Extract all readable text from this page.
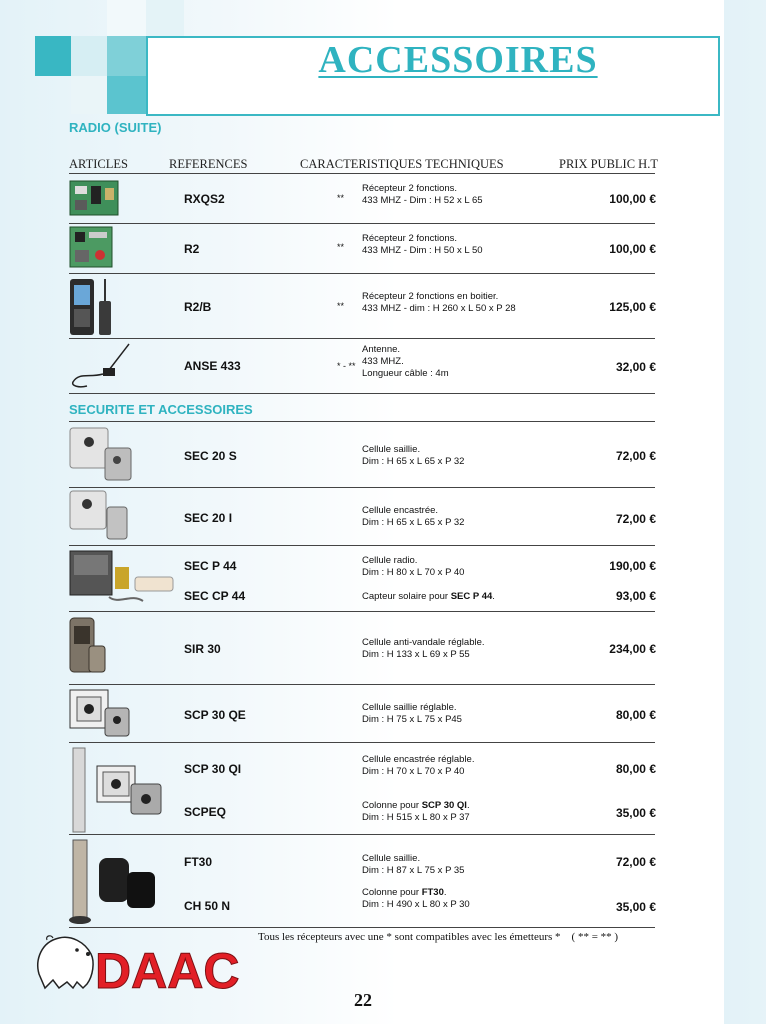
ACCESSOIRES
RADIO (SUITE)
ARTICLES	REFERENCES	CARACTERISTIQUES TECHNIQUES	PRIX PUBLIC H.T
RXQS2	**
Récepteur 2 fonctions.
433 MHZ - Dim : H 52 x L 65	100,00 €
R2	**
Récepteur 2 fonctions.
433 MHZ - Dim : H 50 x L 50	100,00 €
R2/B	**
Récepteur 2 fonctions en boitier.
433 MHZ - dim : H 260 x L 50 x P 28	125,00 €
ANSE 433	* - **
Antenne.
433 MHZ.
Longueur câble : 4m	32,00 €
SECURITE ET ACCESSOIRES
SEC 20 S	Cellule saillie.
Dim : H 65 x L 65 x P 32	72,00 €
SEC 20 I
Cellule encastrée.
Dim : H 65 x L 65 x P 32	72,00 €
SEC P 44	Cellule radio.
Dim : H 80 x L 70 x P 40	190,00 €
SEC CP 44	Capteur solaire pour SEC P 44.	93,00 €
SIR 30	Cellule anti-vandale réglable.
Dim : H 133 x L 69 x P 55	234,00 €
SCP 30 QE
Cellule saillie réglable.
Dim : H 75 x L 75 x P45	80,00 €
SCP 30 QI
Cellule encastrée réglable.
Dim : H 70 x L 70 x P 40	80,00 €
SCPEQ	Colonne pour SCP 30 QI.
Dim : H 515 x L 80 x P 37	35,00 €
FT30	Cellule saillie.
Dim : H 87 x L 75 x P 35
72,00 €
CH 50 N
Colonne pour FT30.
Dim : H 490 x L 80 x P 30	35,00 €
Tous les récepteurs avec une * sont compatibles avec les émetteurs *    ( ** = ** )
DAAC
22
